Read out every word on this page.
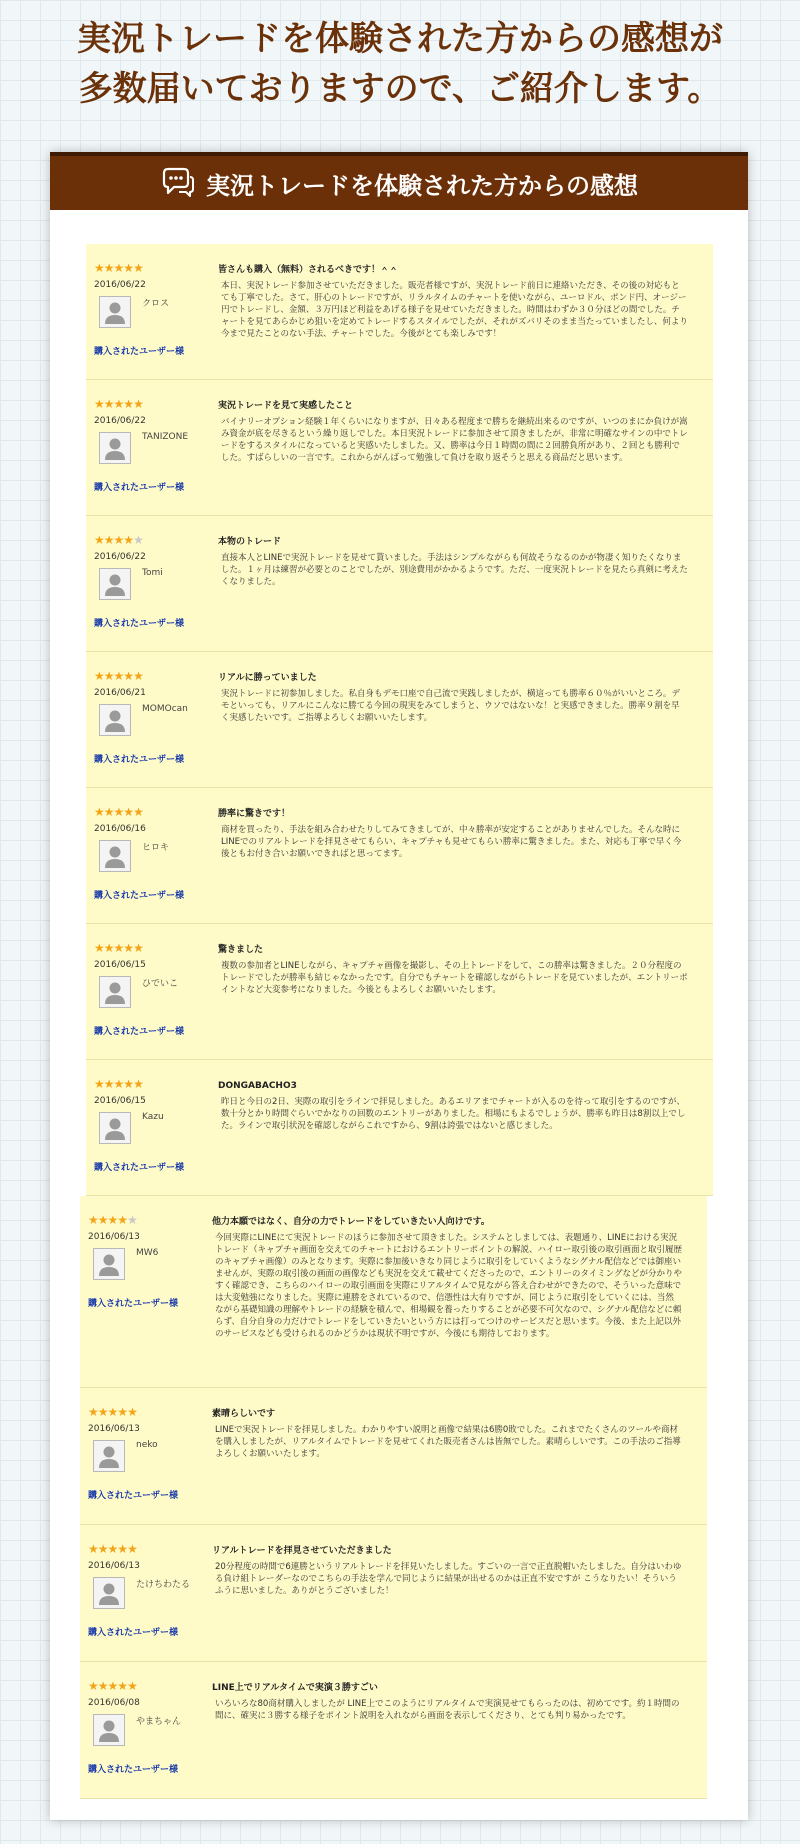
実況トレードを体験された方からの感想が
多数届いておりますので、ご紹介します。
実況トレードを体験された方からの感想
★★★★★
2016/06/22
クロス
購入されたユーザー様
皆さんも購入（無料）されるべきです！＾＾
本日、実況トレード参加させていただきました。販売者様ですが、実況トレード前日に連絡いただき、その後の対応もとても丁寧でした。さて、肝心のトレードですが、リラルタイムのチャートを使いながら、ユーロドル、ポンド円、オージー円でトレードし、金額、３万円ほど利益をあげる様子を見せていただきました。時間はわずか３０分ほどの間でした。チャートを見てあらかじめ狙いを定めてトレードするスタイルでしたが、それがズバリそのまま当たっていましたし、何より今まで見たことのない手法、チャートでした。今後がとても楽しみです！
★★★★★
2016/06/22
TANIZONE
購入されたユーザー様
実況トレードを見て実感したこと
バイナリーオプション経験１年くらいになりますが、日々ある程度まで勝ちを継続出来るのですが、いつのまにか負けが嵩み資金が底を尽きるという繰り返しでした。本日実況トレードに参加させて頂きましたが、非常に明確なサインの中でトレードをするスタイルになっていると実感いたしました。又、勝率は今日１時間の間に２回勝負所があり、２回とも勝利でした。すばらしいの一言です。これからがんばって勉強して負けを取り返そうと思える商品だと思います。
★★★★★
2016/06/22
Tomi
購入されたユーザー様
本物のトレード
直接本人とLINEで実況トレードを見せて貰いました。手法はシンプルながらも何故そうなるのかが物凄く知りたくなりました。１ヶ月は練習が必要とのことでしたが、別途費用がかかるようです。ただ、一度実況トレードを見たら真剣に考えたくなりました。
★★★★★
2016/06/21
MOMOcan
購入されたユーザー様
リアルに勝っていました
実況トレードに初参加しました。私自身もデモ口座で自己流で実践しましたが、横這っても勝率６０％がいいところ。デモといっても、リアルにこんなに勝てる今回の現実をみてしまうと、ウソではないな！と実感できました。勝率９割を早く実感したいです。ご指導よろしくお願いいたします。
★★★★★
2016/06/16
ヒロキ
購入されたユーザー様
勝率に驚きです！
商材を買ったり、手法を組み合わせたりしてみてきましてが、中々勝率が安定することがありませんでした。そんな時にLINEでのリアルトレードを拝見させてもらい、キャプチャも見せてもらい勝率に驚きました。また、対応も丁寧で早く今後ともお付き合いお願いできればと思ってます。
★★★★★
2016/06/15
ひでいこ
購入されたユーザー様
驚きました
複数の参加者とLINEしながら、キャプチャ画像を撮影し、その上トレードをして、この勝率は驚きました。２０分程度のトレードでしたが勝率も結じゃなかったです。自分でもチャートを確認しながらトレードを見ていましたが、エントリーポイントなど大変参考になりました。今後ともよろしくお願いいたします。
★★★★★
2016/06/15
Kazu
購入されたユーザー様
DONGABACHO3
昨日と今日の2日、実際の取引をラインで拝見しました。あるエリアまでチャートが入るのを待って取引をするのですが、数十分とかり時間ぐらいでかなりの回数のエントリーがありました。相場にもよるでしょうが、勝率も昨日は8割以上でした。ラインで取引状況を確認しながらこれですから、9割は誇張ではないと感じました。
★★★★★
2016/06/13
MW6
購入されたユーザー様
他力本願ではなく、自分の力でトレードをしていきたい人向けです。
今回実際にLINEにて実況トレードのほうに参加させて頂きました。システムとしましては、表題通り、LINEにおける実況トレード（キャプチャ画面を交えてのチャートにおけるエントリーポイントの解説、ハイロー取引後の取引画面と取引履歴のキャプチャ画像）のみとなります。実際に参加後いきなり同じように取引をしていくようなシグナル配信などでは御座いませんが、実際の取引後の画面の画像なども実況を交えて載せてくださったので、エントリーのタイミングなどが分かりやすく確認でき、こちらのハイローの取引画面を実際にリアルタイムで見ながら答え合わせができたので、そういった意味では大変勉強になりました。実際に連勝をされているので、信憑性は大有りですが、同じように取引をしていくには、当然ながら基礎知識の理解やトレードの経験を積んで、相場観を養ったりすることが必要不可欠なので、シグナル配信などに頼らず、自分自身の力だけでトレードをしていきたいという方には打ってつけのサービスだと思います。今後、また上記以外のサービスなども受けられるのかどうかは現状不明ですが、今後にも期待しております。
★★★★★
2016/06/13
neko
購入されたユーザー様
素晴らしいです
LINEで実況トレードを拝見しました。わかりやすい説明と画像で結果は6勝0敗でした。これまでたくさんのツールや商材を購入しましたが、リアルタイムでトレードを見せてくれた販売者さんは皆無でした。素晴らしいです。この手法のご指導よろしくお願いいたします。
★★★★★
2016/06/13
たけちわたる
購入されたユーザー様
リアルトレードを拝見させていただきました
20分程度の時間で6連勝というリアルトレードを拝見いたしました。すごいの一言で正直脱帽いたしました。自分はいわゆる負け組トレーダーなのでこちらの手法を学んで同じように結果が出せるのかは正直不安ですが こうなりたい！そういうふうに思いました。ありがとうございました！
★★★★★
2016/06/08
やまちゃん
購入されたユーザー様
LINE上でリアルタイムで実演３勝すごい
いろいろな80商材購入しましたが LINE上でこのようにリアルタイムで実演見せてもらったのは、初めてです。約１時間の間に、確実に３勝する様子をポイント説明を入れながら画面を表示してくださり、とても判り易かったです。
